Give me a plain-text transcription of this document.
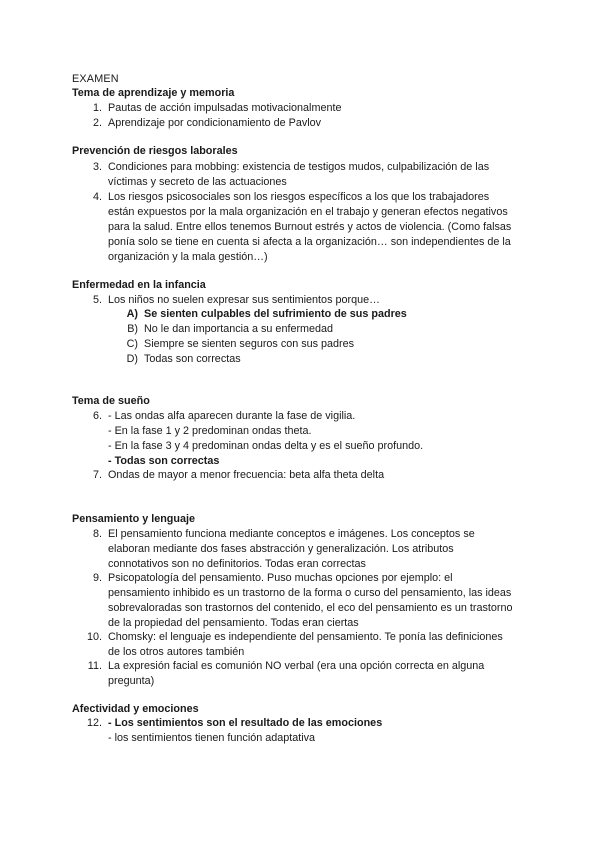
EXAMEN
Tema de aprendizaje y memoria
1. Pautas de acción impulsadas motivacionalmente
2. Aprendizaje por condicionamiento de Pavlov
Prevención de riesgos laborales
3. Condiciones para mobbing: existencia de testigos mudos, culpabilización de las
víctimas y secreto de las actuaciones
4. Los riesgos psicosociales son los riesgos específicos a los que los trabajadores
están expuestos por la mala organización en el trabajo y generan efectos negativos
para la salud. Entre ellos tenemos Burnout estrés y actos de violencia. (Como falsas
ponía solo se tiene en cuenta si afecta a la organización… son independientes de la
organización y la mala gestión…)
Enfermedad en la infancia
5. Los niños no suelen expresar sus sentimientos porque…
A) Se sienten culpables del sufrimiento de sus padres
B) No le dan importancia a su enfermedad
C) Siempre se sienten seguros con sus padres
D) Todas son correctas
Tema de sueño
6. - Las ondas alfa aparecen durante la fase de vigilia.
- En la fase 1 y 2 predominan ondas theta.
- En la fase 3 y 4 predominan ondas delta y es el sueño profundo.
- Todas son correctas
7. Ondas de mayor a menor frecuencia: beta alfa theta delta
Pensamiento y lenguaje
8. El pensamiento funciona mediante conceptos e imágenes. Los conceptos se
elaboran mediante dos fases abstracción y generalización. Los atributos
connotativos son no definitorios. Todas eran correctas
9. Psicopatología del pensamiento. Puso muchas opciones por ejemplo: el
pensamiento inhibido es un trastorno de la forma o curso del pensamiento, las ideas
sobrevaloradas son trastornos del contenido, el eco del pensamiento es un trastorno
de la propiedad del pensamiento. Todas eran ciertas
10. Chomsky: el lenguaje es independiente del pensamiento. Te ponía las definiciones
de los otros autores también
11. La expresión facial es comunión NO verbal (era una opción correcta en alguna
pregunta)
Afectividad y emociones
12. - Los sentimientos son el resultado de las emociones
- los sentimientos tienen función adaptativa
